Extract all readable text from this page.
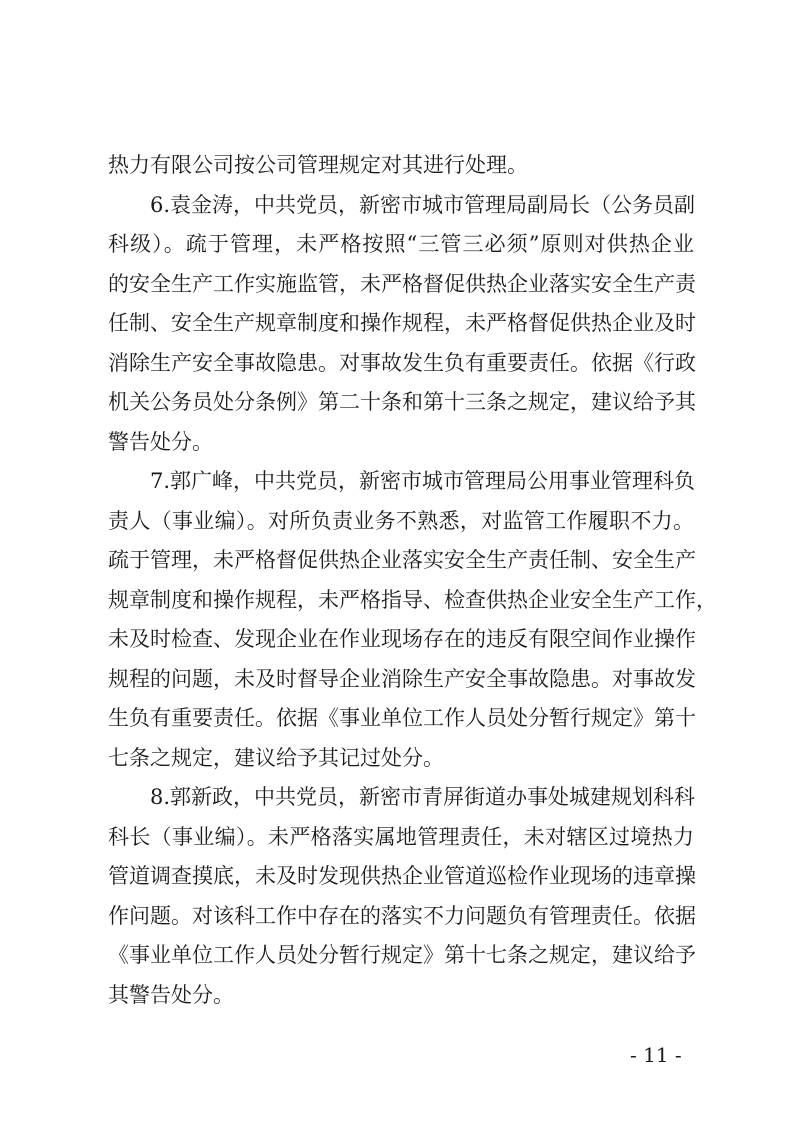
热力有限公司按公司管理规定对其进行处理。
6.袁金涛，中共党员，新密市城市管理局副局长（公务员副
科级）。疏于管理，未严格按照“三管三必须”原则对供热企业
的安全生产工作实施监管，未严格督促供热企业落实安全生产责
任制、安全生产规章制度和操作规程，未严格督促供热企业及时
消除生产安全事故隐患。对事故发生负有重要责任。依据《行政
机关公务员处分条例》第二十条和第十三条之规定，建议给予其
警告处分。
7.郭广峰，中共党员，新密市城市管理局公用事业管理科负
责人（事业编）。对所负责业务不熟悉，对监管工作履职不力。
疏于管理，未严格督促供热企业落实安全生产责任制、安全生产
规章制度和操作规程，未严格指导、检查供热企业安全生产工作，
未及时检查、发现企业在作业现场存在的违反有限空间作业操作
规程的问题，未及时督导企业消除生产安全事故隐患。对事故发
生负有重要责任。依据《事业单位工作人员处分暂行规定》第十
七条之规定，建议给予其记过处分。
8.郭新政，中共党员，新密市青屏街道办事处城建规划科科
科长（事业编）。未严格落实属地管理责任，未对辖区过境热力
管道调查摸底，未及时发现供热企业管道巡检作业现场的违章操
作问题。对该科工作中存在的落实不力问题负有管理责任。依据
《事业单位工作人员处分暂行规定》第十七条之规定，建议给予
其警告处分。
- 11 -
